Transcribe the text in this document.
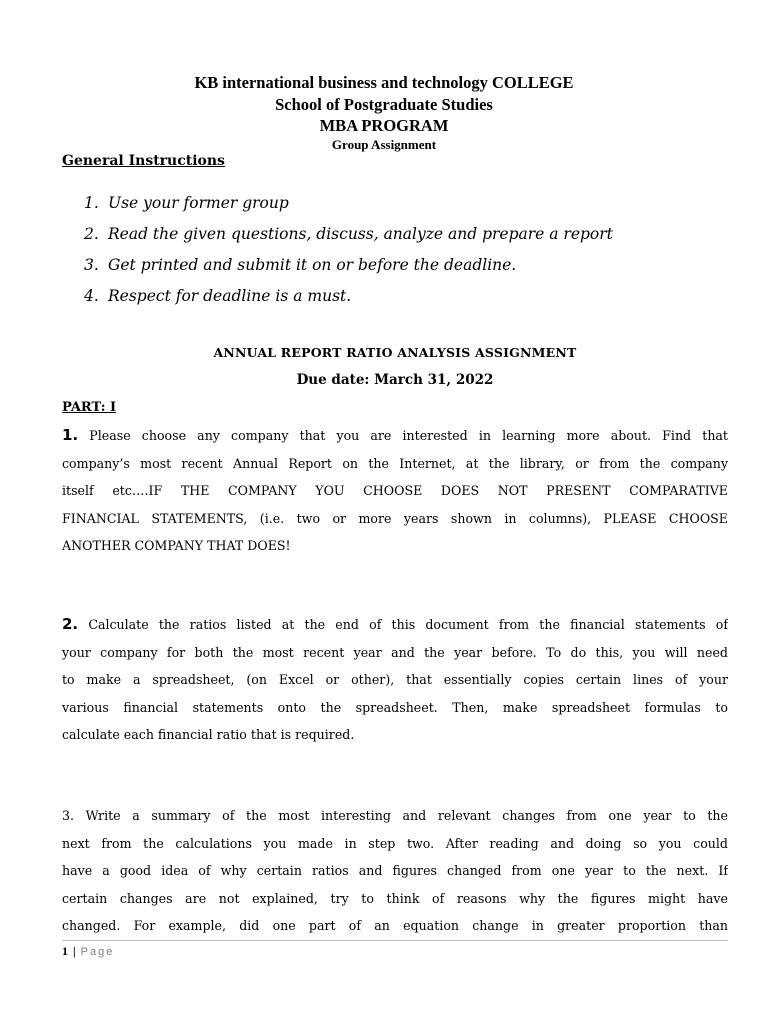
KB international business and technology COLLEGE
School of Postgraduate Studies
MBA PROGRAM
Group Assignment
General Instructions
1. Use your former group
2. Read the given questions, discuss, analyze and prepare a report
3. Get printed and submit it on or before the deadline.
4. Respect for deadline is a must.
ANNUAL REPORT RATIO ANALYSIS ASSIGNMENT
Due date: March 31, 2022
PART: I
1. Please choose any company that you are interested in learning more about. Find that
company’s most recent Annual Report on the Internet, at the library, or from the company
itself etc….IF THE COMPANY YOU CHOOSE DOES NOT PRESENT COMPARATIVE
FINANCIAL STATEMENTS, (i.e. two or more years shown in columns), PLEASE CHOOSE
ANOTHER COMPANY THAT DOES!
2. Calculate the ratios listed at the end of this document from the financial statements of
your company for both the most recent year and the year before. To do this, you will need
to make a spreadsheet, (on Excel or other), that essentially copies certain lines of your
various financial statements onto the spreadsheet. Then, make spreadsheet formulas to
calculate each financial ratio that is required.
3. Write a summary of the most interesting and relevant changes from one year to the
next from the calculations you made in step two. After reading and doing so you could
have a good idea of why certain ratios and figures changed from one year to the next. If
certain changes are not explained, try to think of reasons why the figures might have
changed. For example, did one part of an equation change in greater proportion than
1 | Page
